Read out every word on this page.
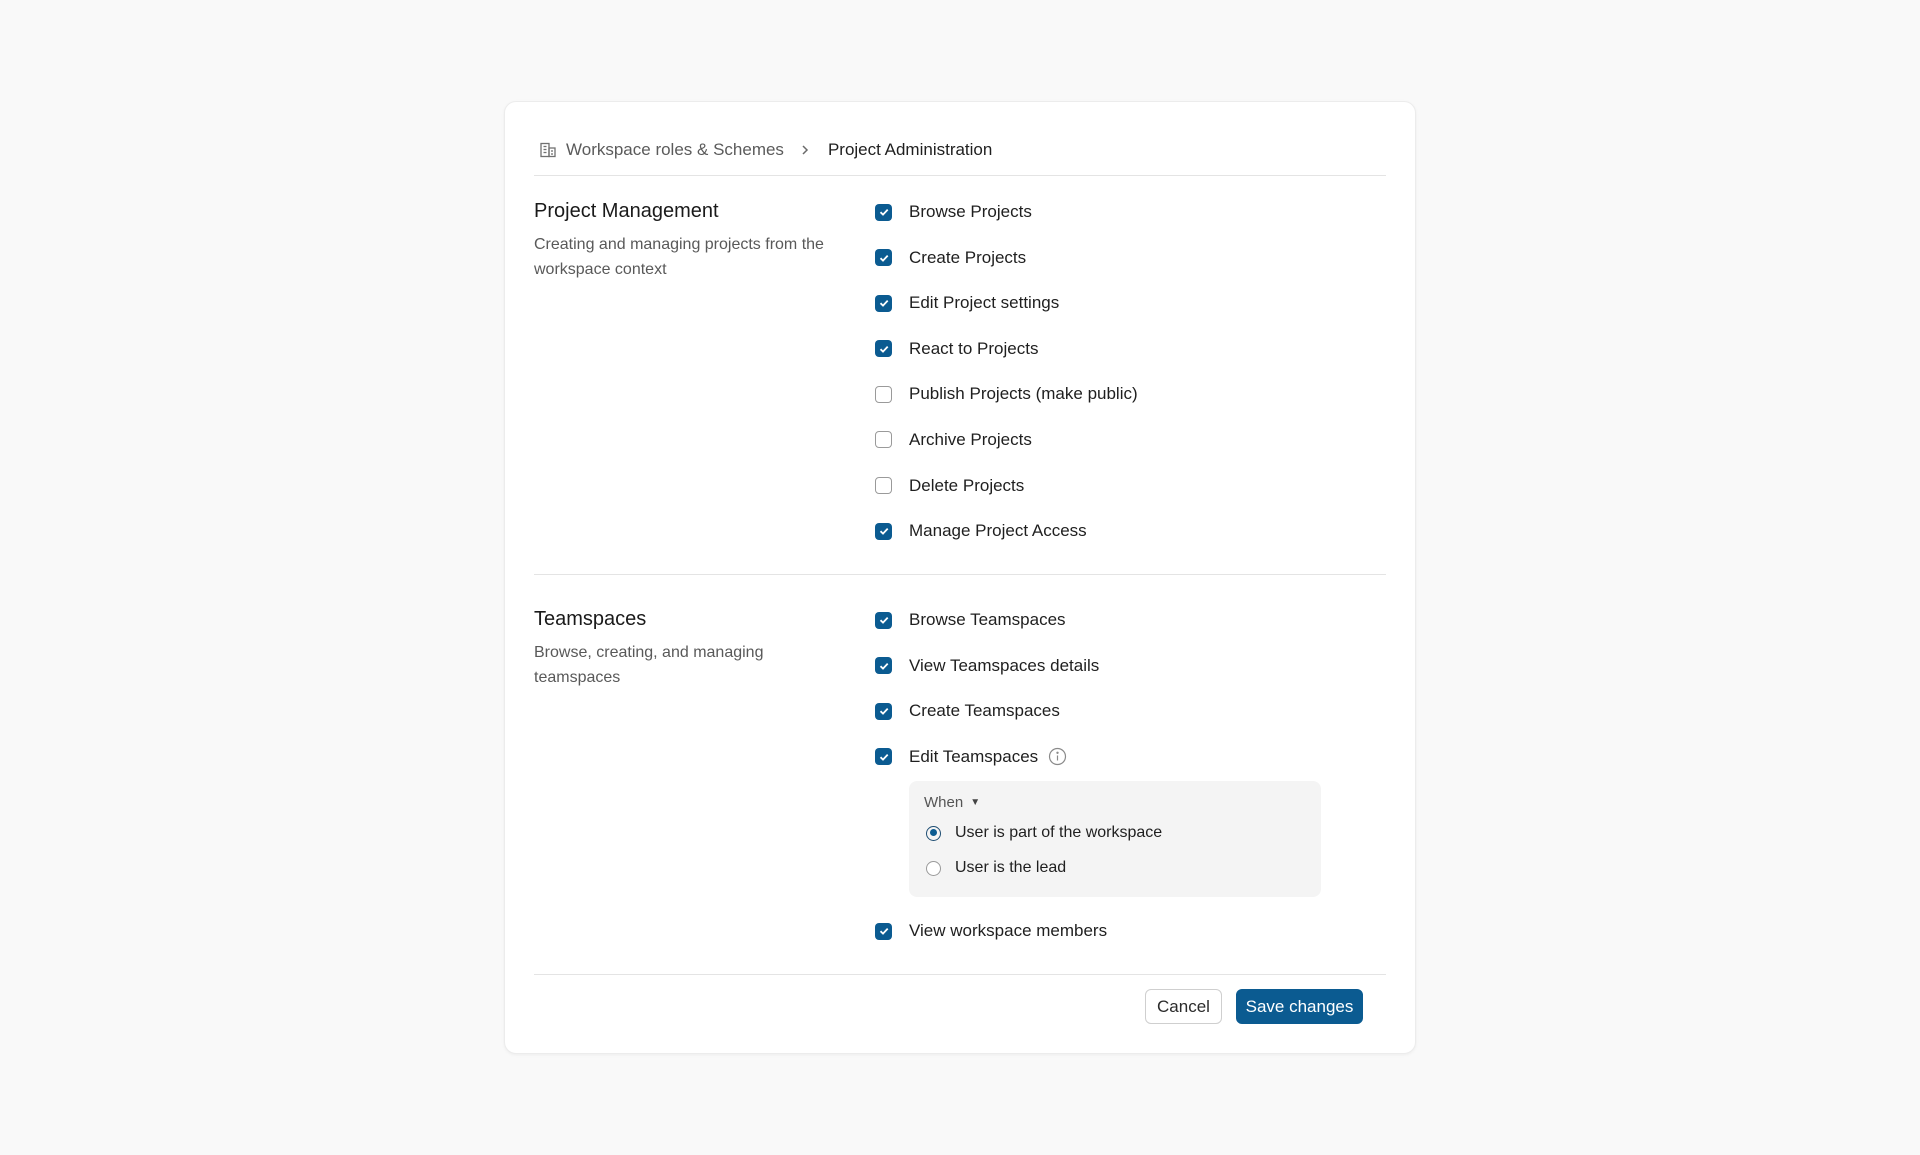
Workspace roles & Schemes	Project Administration
Project Management
Creating and managing projects from the workspace context
Browse Projects
Create Projects
Edit Project settings
React to Projects
Publish Projects (make public)
Archive Projects
Delete Projects
Manage Project Access
Teamspaces
Browse, creating, and managing teamspaces
Browse Teamspaces
View Teamspaces details
Create Teamspaces
Edit Teamspaces
When ▼
User is part of the workspace
User is the lead
View workspace members
Cancel	Save changes
